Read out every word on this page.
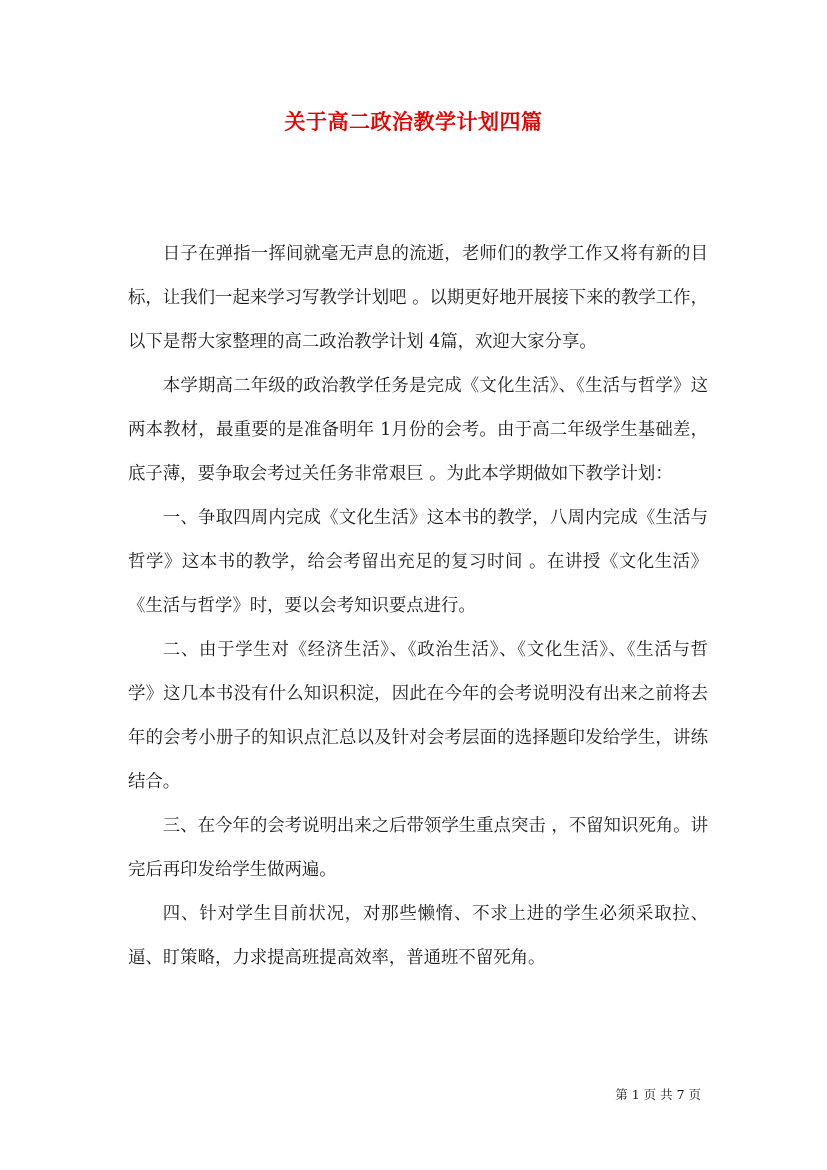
关于高二政治教学计划四篇

日子在弹指一挥间就毫无声息的流逝，老师们的教学工作又将有新的目标，让我们一起来学习写教学计划吧 。以期更好地开展接下来的教学工作，以下是帮大家整理的高二政治教学计划 4篇，欢迎大家分享。

本学期高二年级的政治教学任务是完成《文化生活》、《生活与哲学》这两本教材，最重要的是准备明年 1月份的会考。由于高二年级学生基础差，底子薄，要争取会考过关任务非常艰巨 。为此本学期做如下教学计划：

一、争取四周内完成《文化生活》这本书的教学，八周内完成《生活与哲学》这本书的教学，给会考留出充足的复习时间 。在讲授《文化生活》《生活与哲学》时，要以会考知识要点进行。

二、由于学生对《经济生活》、《政治生活》、《文化生活》、《生活与哲学》这几本书没有什么知识积淀，因此在今年的会考说明没有出来之前将去年的会考小册子的知识点汇总以及针对会考层面的选择题印发给学生，讲练结合。

三、在今年的会考说明出来之后带领学生重点突击 ，不留知识死角。讲完后再印发给学生做两遍。

四、针对学生目前状况，对那些懒惰、不求上进的学生必须采取拉、逼、盯策略，力求提高班提高效率，普通班不留死角。

第 1 页 共 7 页
